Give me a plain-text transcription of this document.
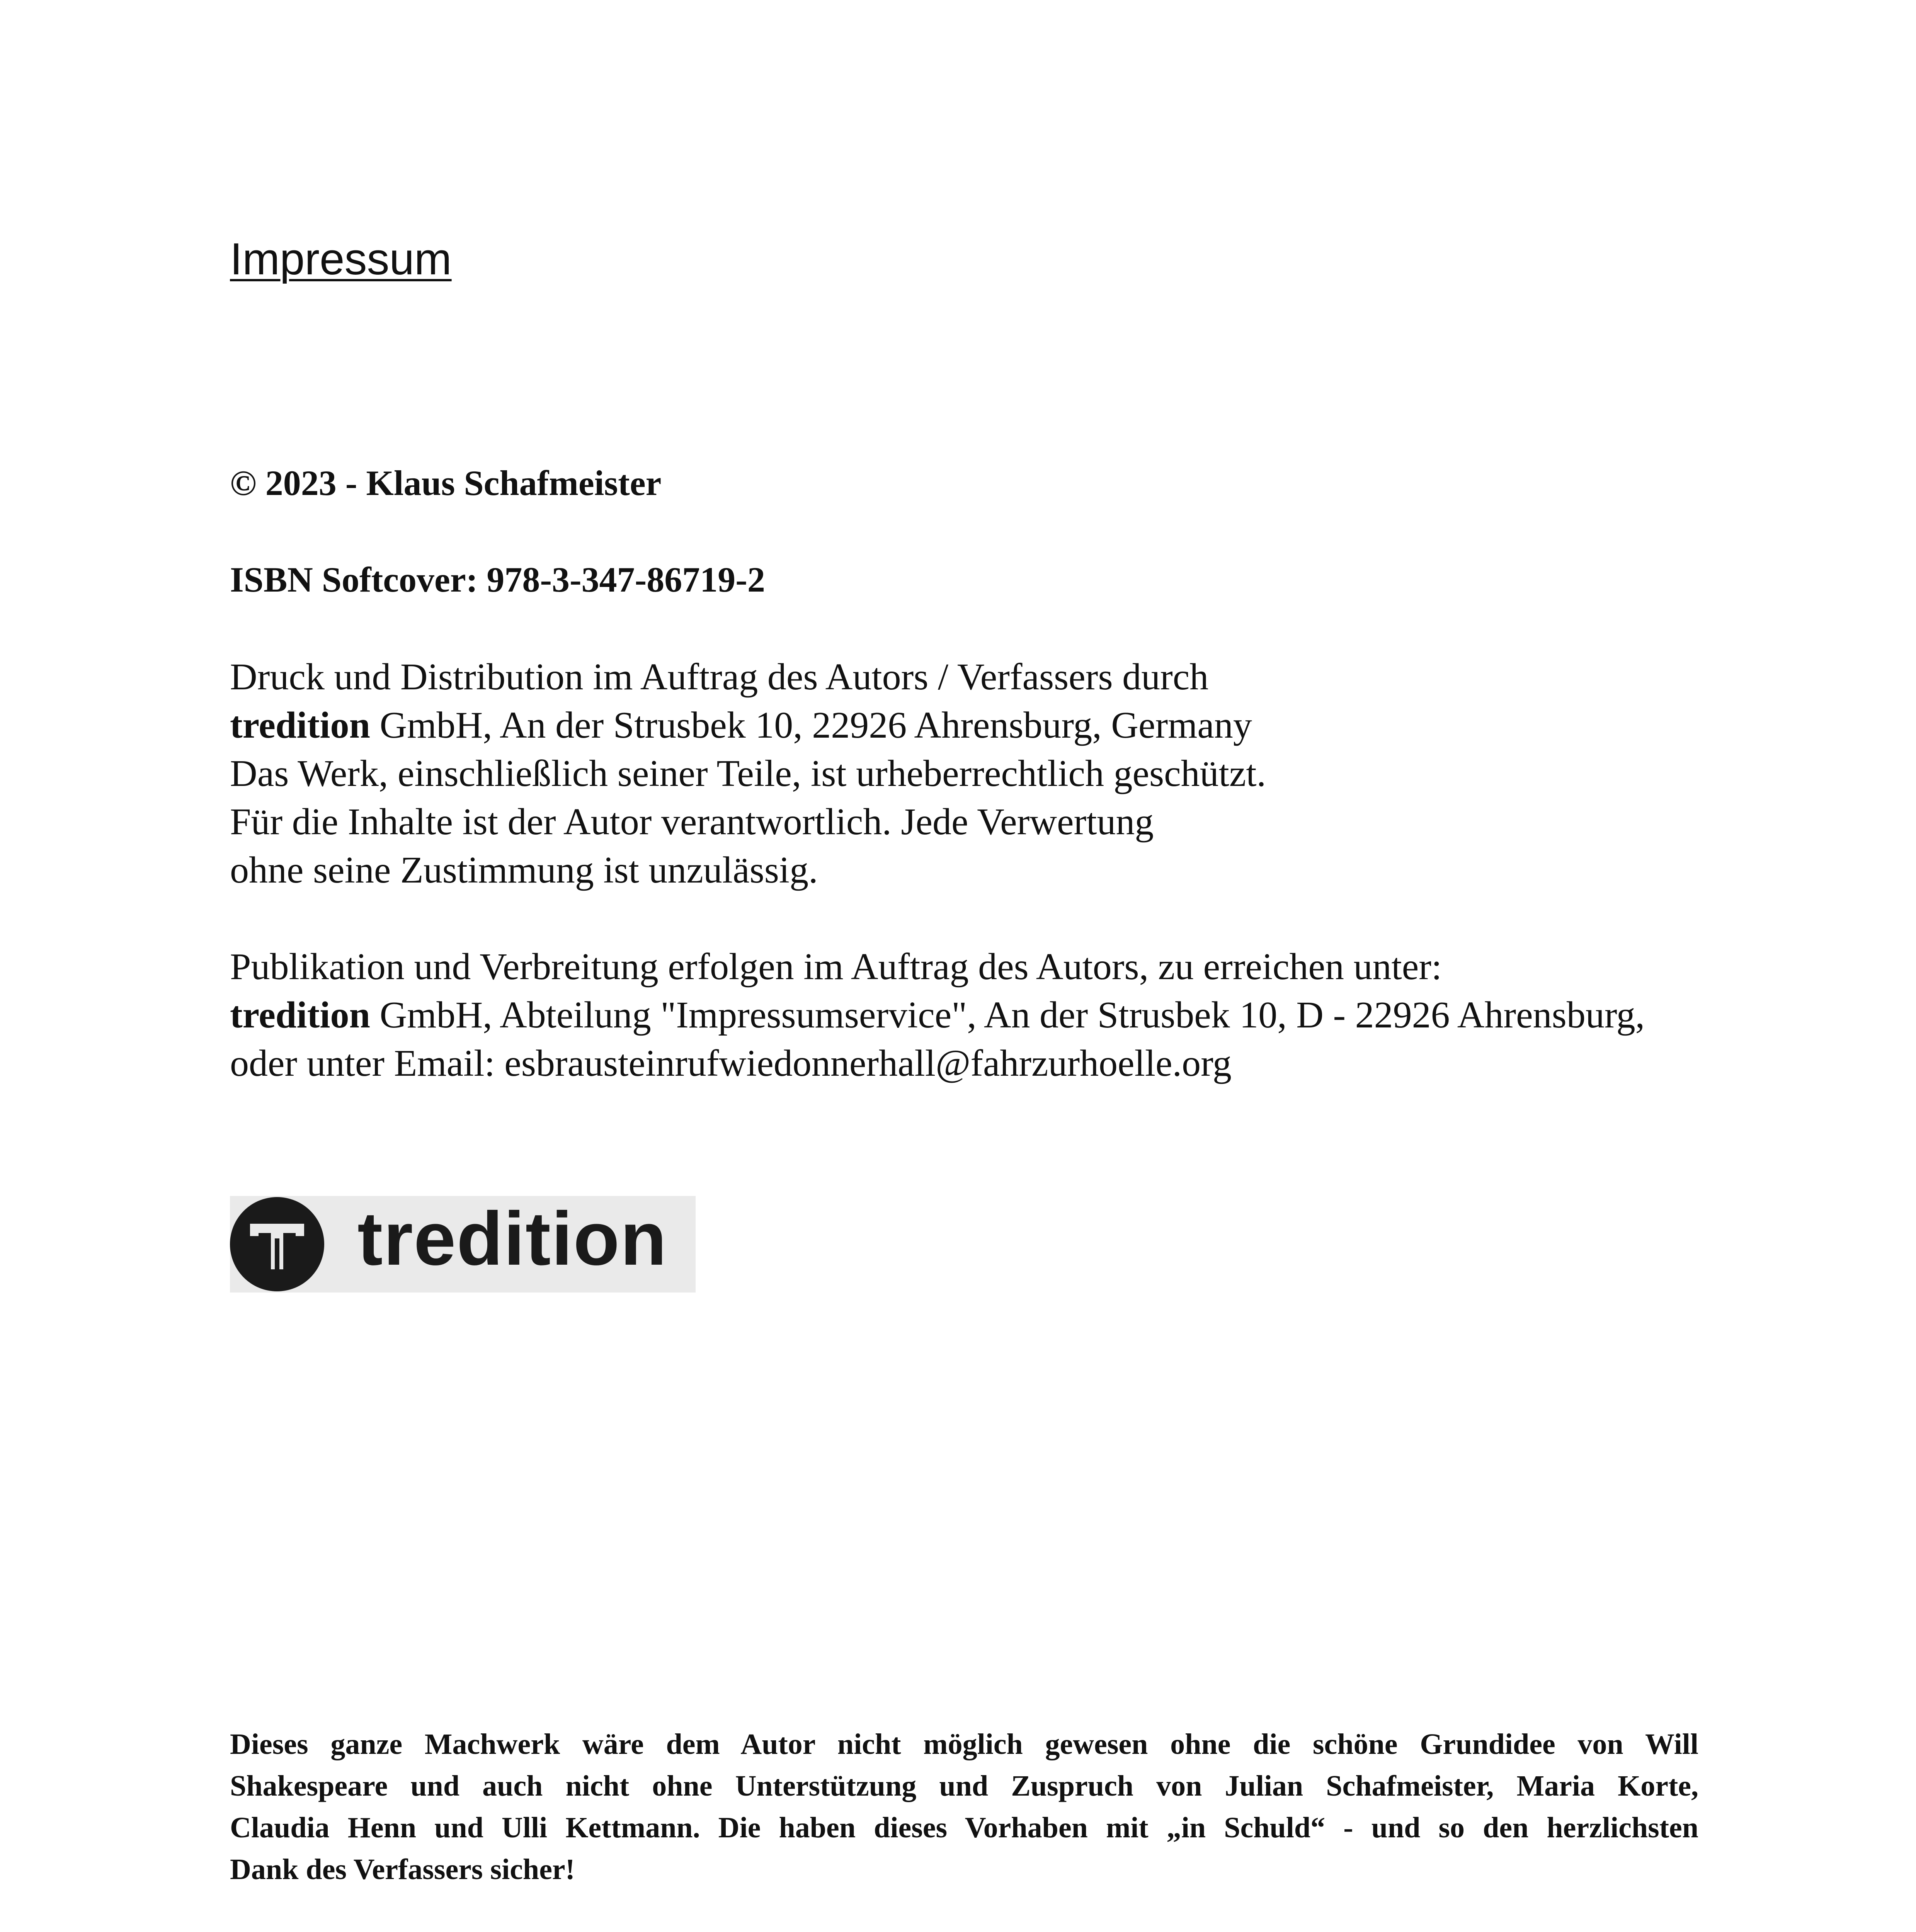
Impressum

© 2023 - Klaus Schafmeister

ISBN Softcover: 978-3-347-86719-2

Druck und Distribution im Auftrag des Autors / Verfassers durch
tredition GmbH, An der Strusbek 10, 22926 Ahrensburg, Germany
Das Werk, einschließlich seiner Teile, ist urheberrechtlich geschützt.
Für die Inhalte ist der Autor verantwortlich. Jede Verwertung
ohne seine Zustimmung ist unzulässig.
Publikation und Verbreitung erfolgen im Auftrag des Autors, zu erreichen unter:
tredition GmbH, Abteilung "Impressumservice", An der Strusbek 10, D - 22926 Ahrensburg,
oder unter Email: esbrausteinrufwiedonnerhall@fahrzurhoelle.org
tredition
Dieses ganze Machwerk wäre dem Autor nicht möglich gewesen ohne die schöne Grundidee von Will
Shakespeare und auch nicht ohne Unterstützung und Zuspruch von Julian Schafmeister, Maria Korte,
Claudia Henn und Ulli Kettmann. Die haben dieses Vorhaben mit „in Schuld“ - und so den herzlichsten
Dank des Verfassers sicher!
